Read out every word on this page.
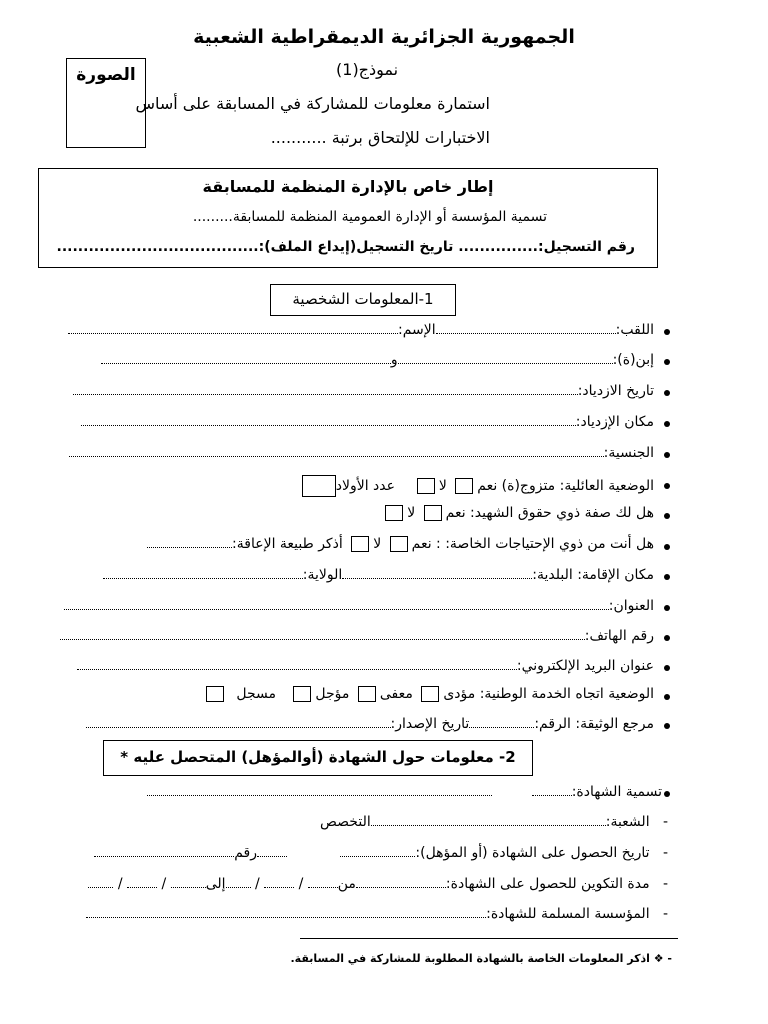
الجمهورية الجزائرية الديمقراطية الشعبية
الصورة	نموذج(1)
استمارة معلومات للمشاركة في المسابقة على أساس
الاختبارات للإلتحاق برتبة ...........
إطار خاص بالإدارة المنظمة للمسابقة
تسمية المؤسسة أو الإدارة العمومية المنظمة للمسابقة.........
رقم التسجيل:............... تاريخ التسجيل(إيداع الملف):......................................
1-المعلومات الشخصية
اللقب:الإسم:
إبن(ة):و
تاريخ الازدياد:
مكان الإزدياد:
الجنسية:
الوضعية العائلية: متزوج(ة) نعم لا    عدد الأولاد
هل لك صفة ذوي حقوق الشهيد: نعم لا
هل أنت من ذوي الإحتياجات الخاصة: : نعم لا أذكر طبيعة الإعاقة:
مكان الإقامة: البلدية:الولاية:
العنوان:
رقم الهاتف:
عنوان البريد الإلكتروني:
الوضعية اتجاه الخدمة الوطنية: مؤدى معفى مؤجل   مسجل
مرجع الوثيقة: الرقم:تاريخ الإصدار:
2- معلومات حول الشهادة (أوالمؤهل) المتحصل عليه *
تسمية الشهادة:
-   الشعبة:التخصص
-   تاريخ الحصول على الشهادة (أو المؤهل):            رقم
-   مدة التكوين للحصول على الشهادة:من /  / إلى /  /
-   المؤسسة المسلمة للشهادة:
- ❖ اذكر المعلومات الخاصة بالشهادة المطلوبة للمشاركة في المسابقة.
